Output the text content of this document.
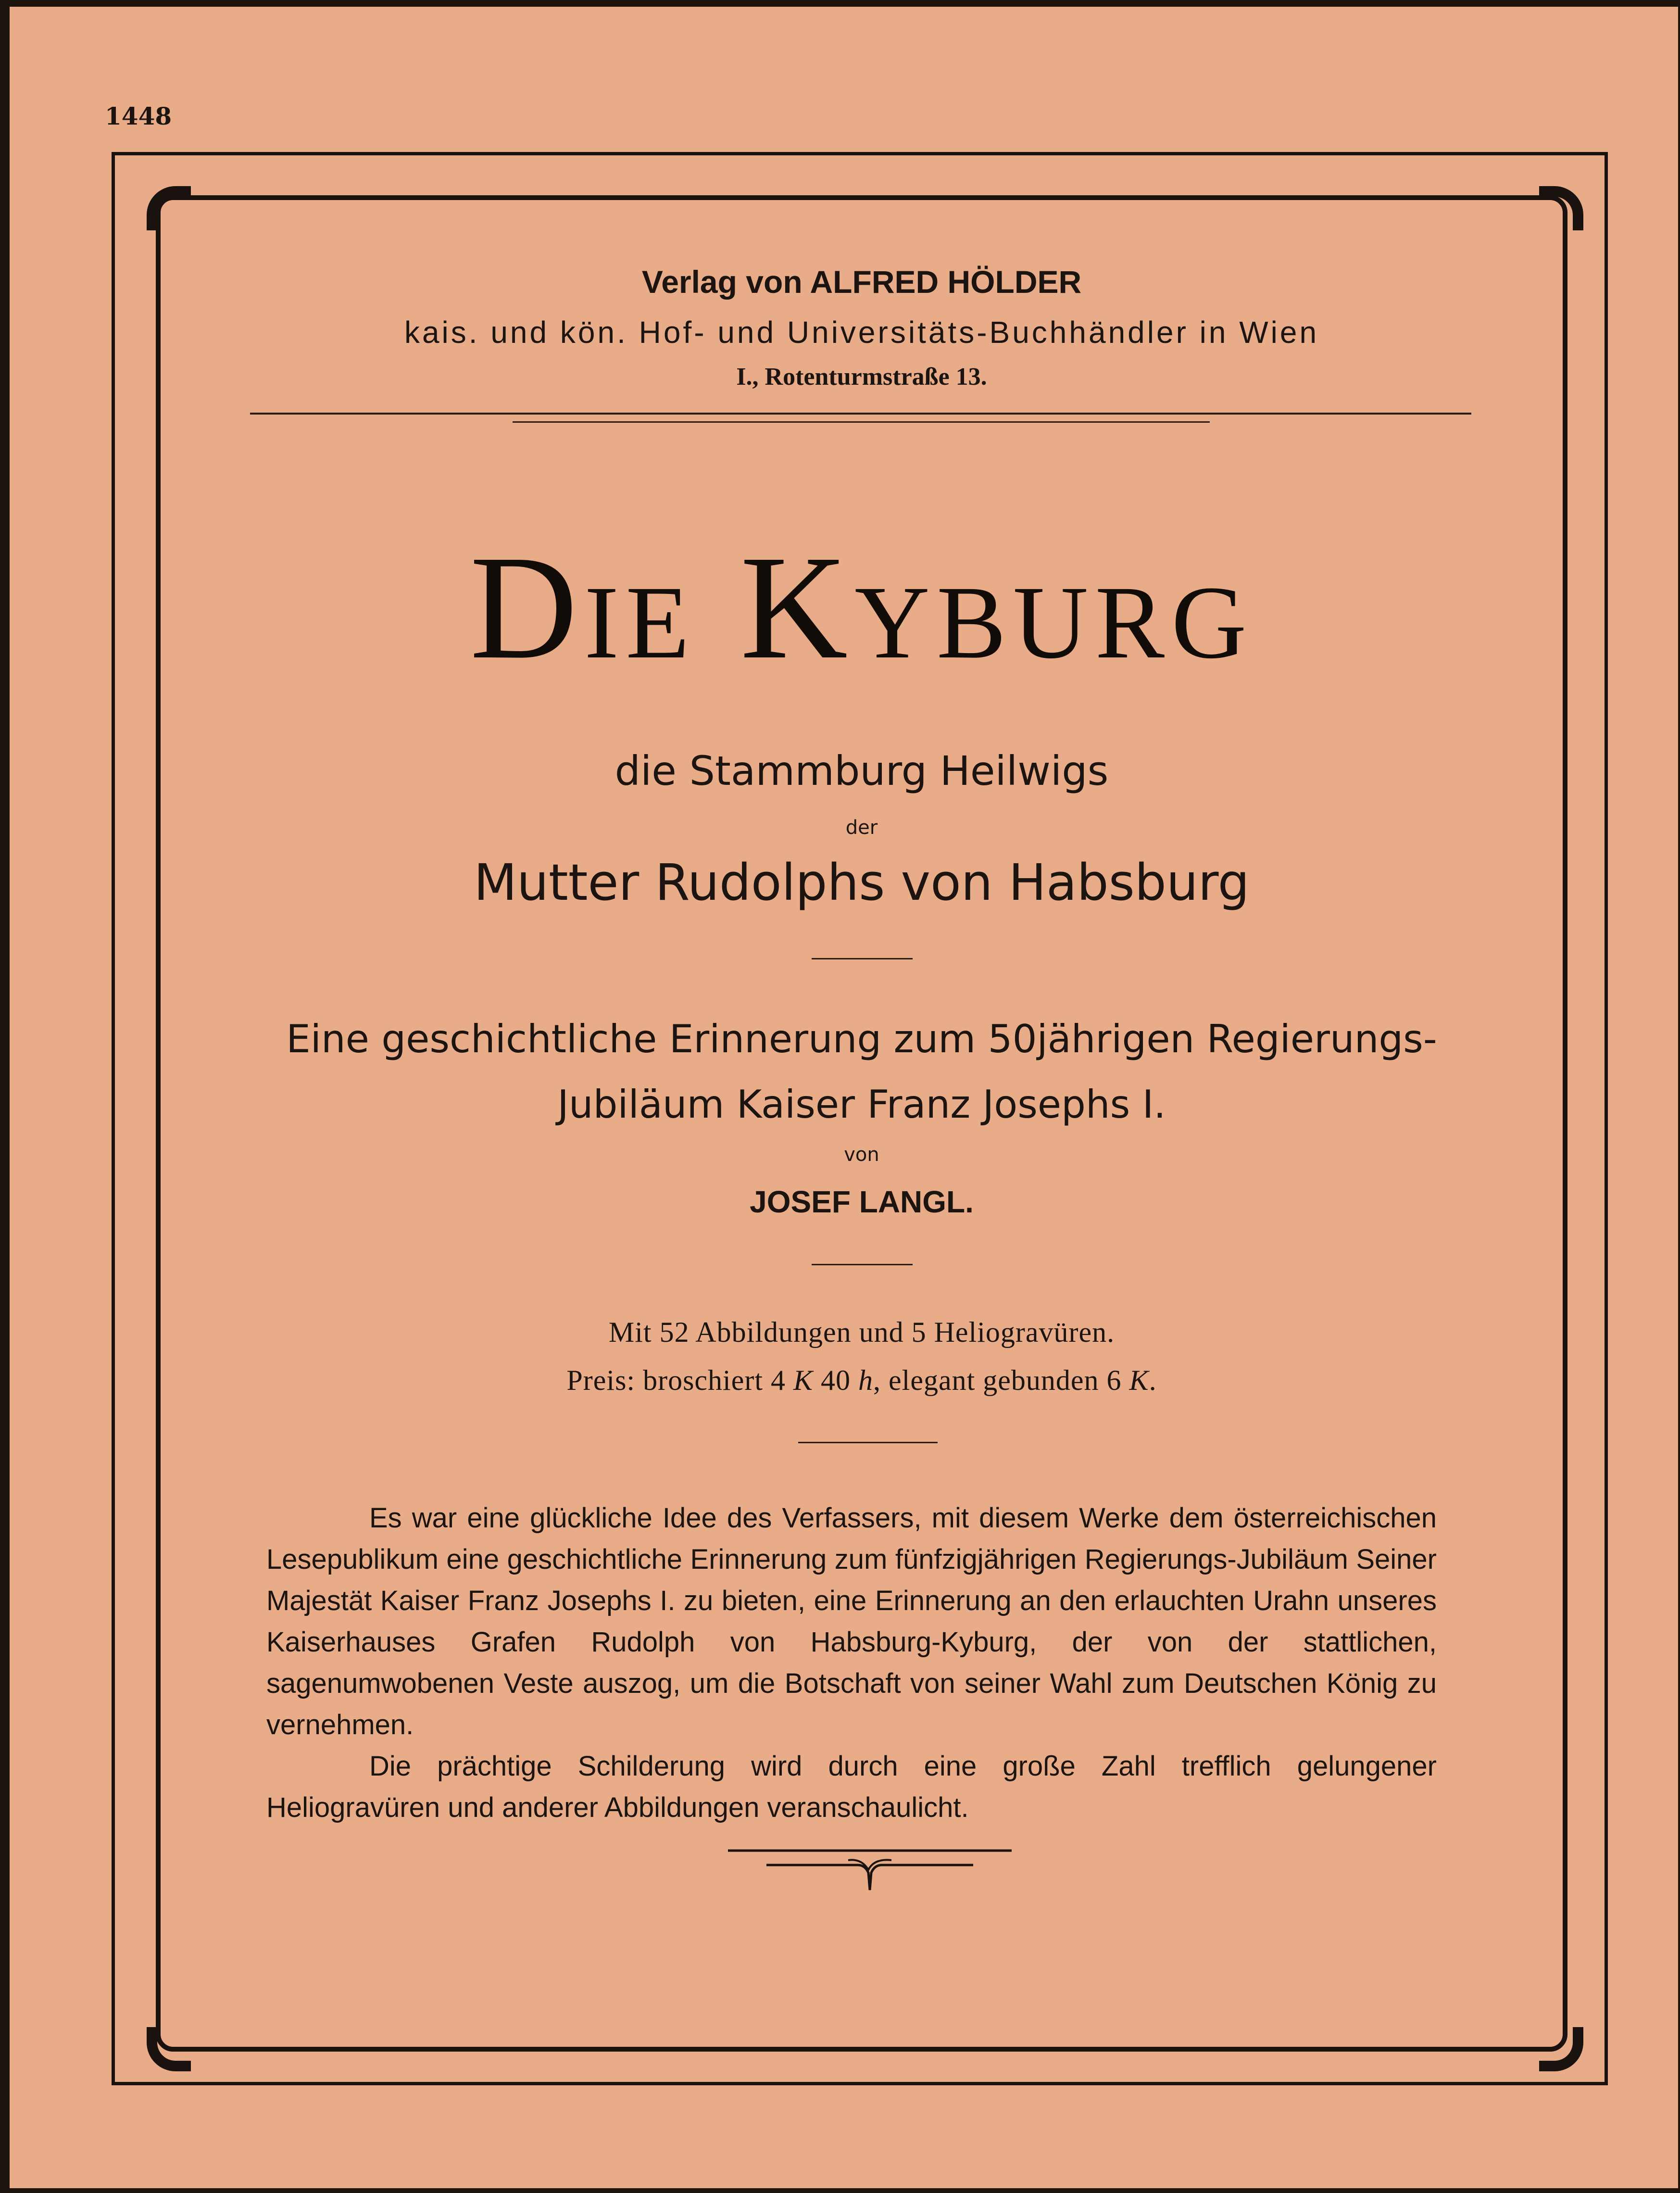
1448
Verlag von ALFRED HÖLDER
kais. und kön. Hof- und Universitäts-Buchhändler in Wien
I., Rotenturmstraße 13.
Die Kyburg
die Stammburg Heilwigs
der
Mutter Rudolphs von Habsburg
Eine geschichtliche Erinnerung zum 50jährigen Regierungs-
Jubiläum Kaiser Franz Josephs I.
von
JOSEF LANGL.
Mit 52 Abbildungen und 5 Heliogravüren.
Preis: broschiert 4 K 40 h, elegant gebunden 6 K.

Es war eine glückliche Idee des Verfassers, mit diesem Werke dem österreichischen Lesepublikum eine geschichtliche Erinnerung zum fünfzigjährigen Regierungs-Jubiläum Seiner Majestät Kaiser Franz Josephs I. zu bieten, eine Erinnerung an den erlauchten Urahn unseres Kaiserhauses Grafen Rudolph von Habsburg-Kyburg, der von der stattlichen, sagenumwobenen Veste auszog, um die Botschaft von seiner Wahl zum Deutschen König zu vernehmen.

Die prächtige Schilderung wird durch eine große Zahl trefflich gelungener Heliogravüren und anderer Abbildungen veranschaulicht.
